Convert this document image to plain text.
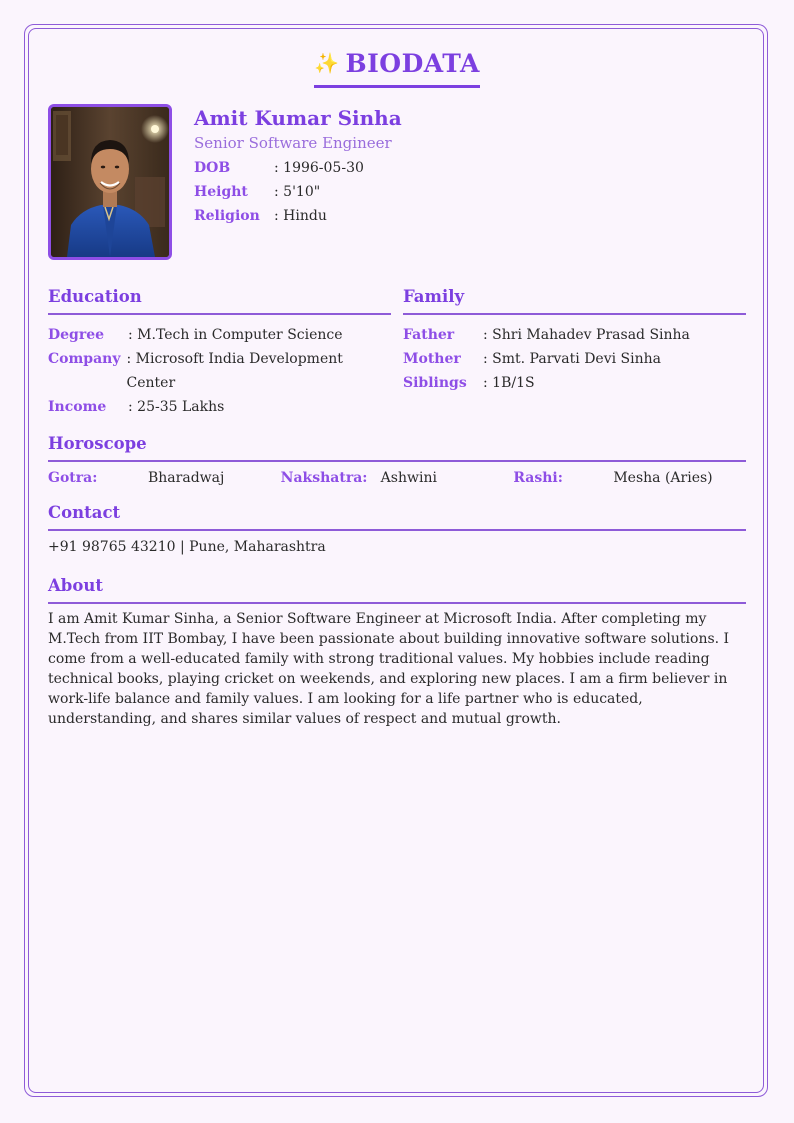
✨ BIODATA
Amit Kumar Sinha
Senior Software Engineer
DOB	: 1996-05-30
Height	: 5'10"
Religion	: Hindu
Education
Degree	: M.Tech in Computer Science
Company : Microsoft India Development Center
Income	: 25-35 Lakhs
Family
Father	: Shri Mahadev Prasad Sinha
Mother	: Smt. Parvati Devi Sinha
Siblings	: 1B/1S
Horoscope
Gotra:	Bharadwaj	Nakshatra: Ashwini	Rashi:	Mesha (Aries)
Contact
+91 98765 43210 | Pune, Maharashtra
About
I am Amit Kumar Sinha, a Senior Software Engineer at Microsoft India. After completing my M.Tech from IIT Bombay, I have been passionate about building innovative software solutions. I come from a well-educated family with strong traditional values. My hobbies include reading technical books, playing cricket on weekends, and exploring new places. I am a firm believer in work-life balance and family values. I am looking for a life partner who is educated, understanding, and shares similar values of respect and mutual growth.
